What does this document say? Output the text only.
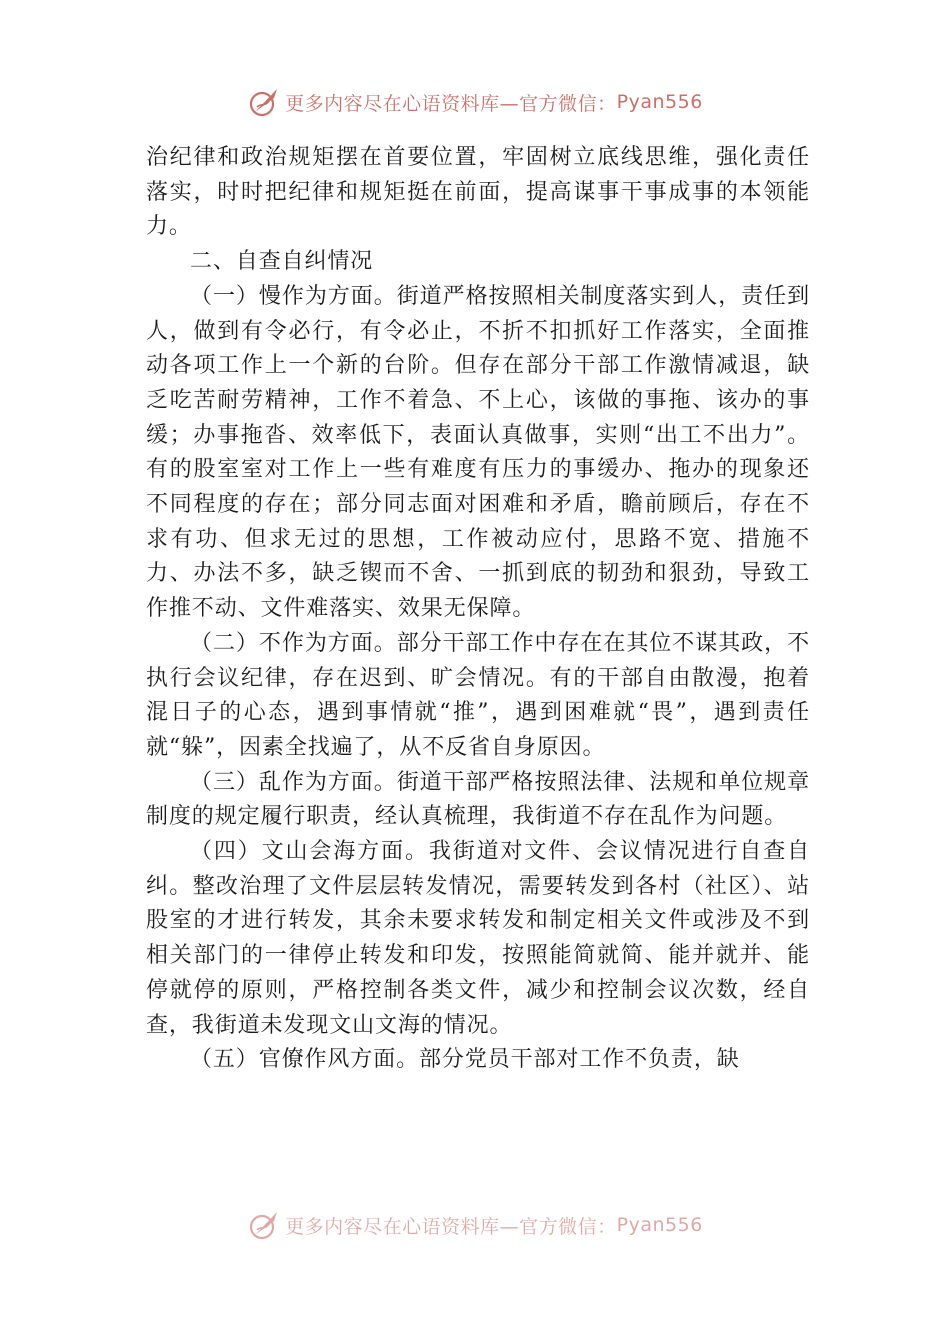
更多内容尽在心语资料库—官方微信： Pyan556

治纪律和政治规矩摆在首要位置，牢固树立底线思维，强化责任落实，时时把纪律和规矩挺在前面，提高谋事干事成事的本领能力。

二、自查自纠情况

（一）慢作为方面。街道严格按照相关制度落实到人，责任到人，做到有令必行，有令必止，不折不扣抓好工作落实，全面推动各项工作上一个新的台阶。但存在部分干部工作激情减退，缺乏吃苦耐劳精神，工作不着急、不上心，该做的事拖、该办的事缓；办事拖沓、效率低下，表面认真做事，实则“出工不出力”。有的股室室对工作上一些有难度有压力的事缓办、拖办的现象还不同程度的存在；部分同志面对困难和矛盾，瞻前顾后，存在不求有功、但求无过的思想，工作被动应付，思路不宽、措施不力、办法不多，缺乏锲而不舍、一抓到底的韧劲和狠劲，导致工作推不动、文件难落实、效果无保障。

（二）不作为方面。部分干部工作中存在在其位不谋其政，不执行会议纪律，存在迟到、旷会情况。有的干部自由散漫，抱着混日子的心态，遇到事情就“推”，遇到困难就“畏”，遇到责任就“躲”，因素全找遍了，从不反省自身原因。

（三）乱作为方面。街道干部严格按照法律、法规和单位规章制度的规定履行职责，经认真梳理，我街道不存在乱作为问题。

（四）文山会海方面。我街道对文件、会议情况进行自查自纠。整改治理了文件层层转发情况，需要转发到各村（社区）、站股室的才进行转发，其余未要求转发和制定相关文件或涉及不到相关部门的一律停止转发和印发，按照能简就简、能并就并、能停就停的原则，严格控制各类文件，减少和控制会议次数，经自查，我街道未发现文山文海的情况。

（五）官僚作风方面。部分党员干部对工作不负责，缺

更多内容尽在心语资料库—官方微信： Pyan556
